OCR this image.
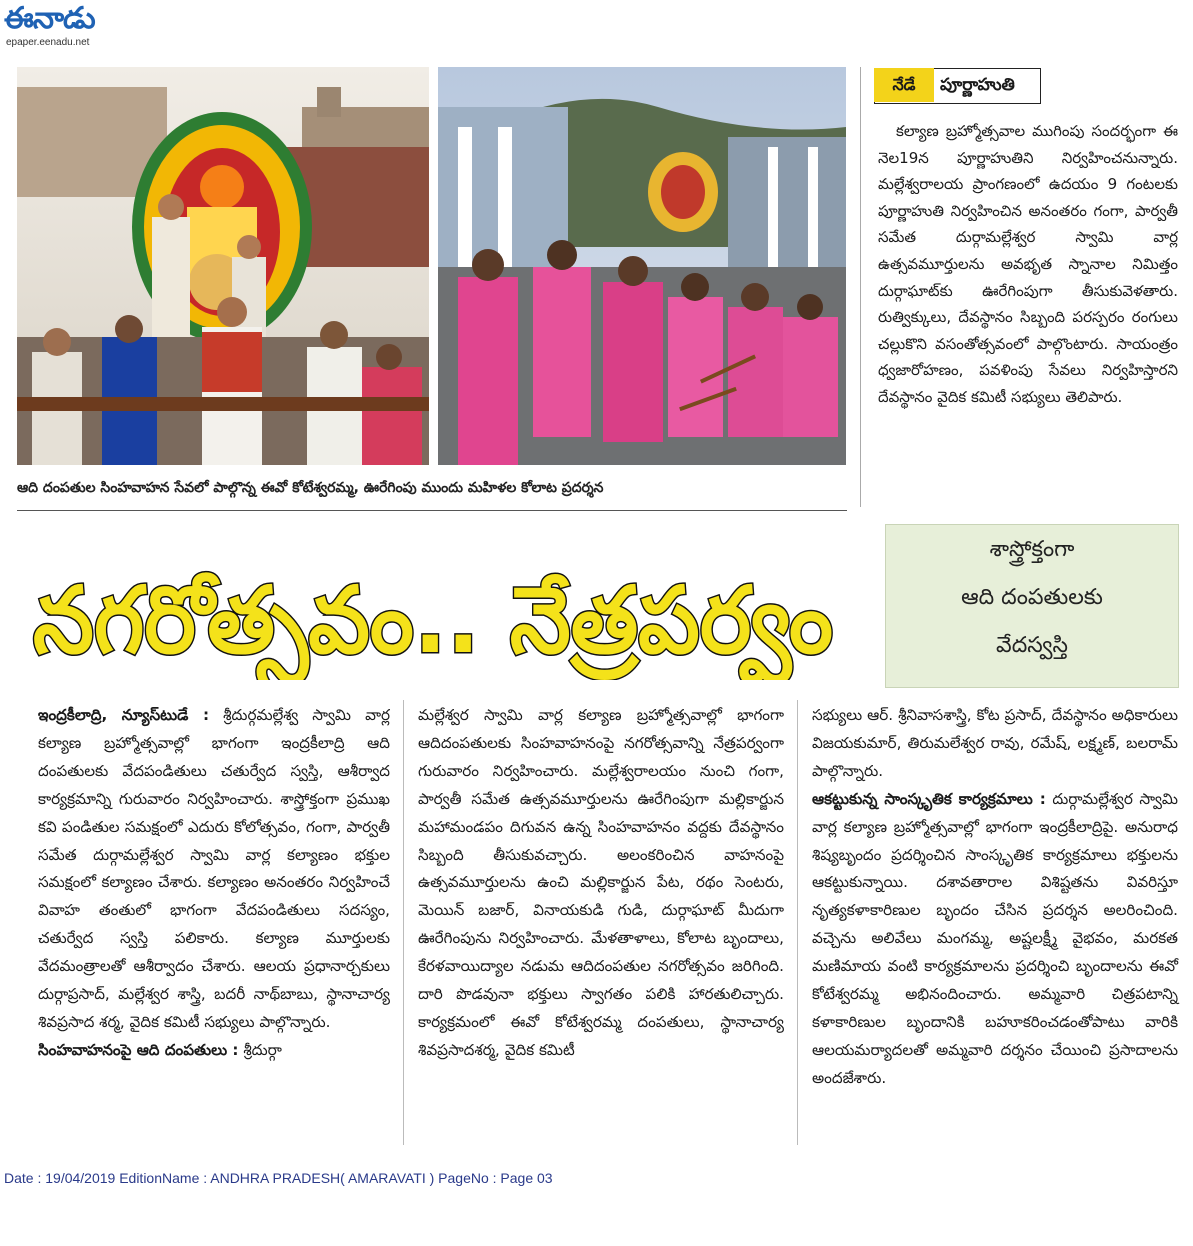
ఈనాడు
epaper.eenadu.net
ఆది దంపతుల సింహవాహన సేవలో పాల్గొన్న ఈవో కోటేశ్వరమ్మ, ఊరేగింపు ముందు మహిళల కోలాట ప్రదర్శన
నగరోత్సవం.. నేత్రపర్వం
నేడే	పూర్ణాహుతి
కల్యాణ బ్రహ్మోత్సవాల ముగింపు సందర్భంగా ఈ నెల19న పూర్ణాహుతిని నిర్వహించనున్నారు. మల్లేశ్వరాలయ ప్రాంగణంలో ఉదయం 9 గంటలకు పూర్ణాహుతి నిర్వహించిన అనంతరం గంగా, పార్వతీ సమేత దుర్గామల్లేశ్వర స్వామి వార్ల ఉత్సవమూర్తులను అవభృత స్నానాల నిమిత్తం దుర్గాఘాట్‌కు ఊరేగింపుగా తీసుకువెళతారు. రుత్విక్కులు, దేవస్థానం సిబ్బంది పరస్పరం రంగులు చల్లుకొని వసంతోత్సవంలో పాల్గొంటారు. సాయంత్రం ధ్వజారోహణం, పవళింపు సేవలు నిర్వహిస్తారని దేవస్థానం వైదిక కమిటీ సభ్యులు తెలిపారు.
శాస్త్రోక్తంగా
ఆది దంపతులకు
వేదస్వస్తి
ఇంద్రకీలాద్రి, న్యూస్‌టుడే : శ్రీదుర్గమల్లేశ్వ స్వామి వార్ల కల్యాణ బ్రహ్మోత్సవాల్లో భాగంగా ఇంద్రకీలాద్రి ఆది దంపతులకు వేదపండితులు చతుర్వేద స్వస్తి, ఆశీర్వాద కార్యక్రమాన్ని గురువారం నిర్వహించారు. శాస్త్రోక్తంగా ప్రముఖ కవి పండితుల సమక్షంలో ఎదురు కోలోత్సవం, గంగా, పార్వతీ సమేత దుర్గామల్లేశ్వర స్వామి వార్ల కల్యాణం భక్తుల సమక్షంలో కల్యాణం చేశారు. కల్యాణం అనంతరం నిర్వహించే వివాహ తంతులో భాగంగా వేదపండితులు సదస్యం, చతుర్వేద స్వస్తి పలికారు. కల్యాణ మూర్తులకు వేదమంత్రాలతో ఆశీర్వాదం చేశారు. ఆలయ ప్రధానార్చకులు దుర్గాప్రసాద్, మల్లేశ్వర శాస్త్రి, బదరీ నాథ్‌బాబు, స్థానాచార్య శివప్రసాద శర్మ, వైదిక కమిటీ సభ్యులు పాల్గొన్నారు.
సింహవాహనంపై ఆది దంపతులు : శ్రీదుర్గా
మల్లేశ్వర స్వామి వార్ల కల్యాణ బ్రహ్మోత్సవాల్లో భాగంగా ఆదిదంపతులకు సింహవాహనంపై నగరోత్సవాన్ని నేత్రపర్వంగా గురువారం నిర్వహించారు. మల్లేశ్వరాలయం నుంచి గంగా, పార్వతీ సమేత ఉత్సవమూర్తులను ఊరేగింపుగా మల్లికార్జున మహామండపం దిగువన ఉన్న సింహవాహనం వద్దకు దేవస్థానం సిబ్బంది తీసుకువచ్చారు. అలంకరించిన వాహనంపై ఉత్సవమూర్తులను ఉంచి మల్లికార్జున పేట, రథం సెంటరు, మెయిన్ బజార్, వినాయకుడి గుడి, దుర్గాఘాట్ మీదుగా ఊరేగింపును నిర్వహించారు. మేళతాళాలు, కోలాట బృందాలు, కేరళవాయిద్యాల నడుమ ఆదిదంపతుల నగరోత్సవం జరిగింది. దారి పొడవునా భక్తులు స్వాగతం పలికి హారతులిచ్చారు. కార్యక్రమంలో ఈవో కోటేశ్వరమ్మ దంపతులు, స్థానాచార్య శివప్రసాదశర్మ, వైదిక కమిటీ
సభ్యులు ఆర్. శ్రీనివాసశాస్త్రి, కోట ప్రసాద్, దేవస్థానం అధికారులు విజయకుమార్, తిరుమలేశ్వర రావు, రమేష్, లక్ష్మణ్, బలరామ్ పాల్గొన్నారు.
ఆకట్టుకున్న సాంస్కృతిక కార్యక్రమాలు : దుర్గామల్లేశ్వర స్వామి వార్ల కల్యాణ బ్రహ్మోత్సవాల్లో భాగంగా ఇంద్రకీలాద్రిపై. అనురాధ శిష్యబృందం ప్రదర్శించిన సాంస్కృతిక కార్యక్రమాలు భక్తులను ఆకట్టుకున్నాయి. దశావతారాల విశిష్టతను వివరిస్తూ నృత్యకళాకారిణుల బృందం చేసిన ప్రదర్శన అలరించింది. వచ్చెను అలివేలు మంగమ్మ, అష్టలక్ష్మీ వైభవం, మరకత మణిమాయ వంటి కార్యక్రమాలను ప్రదర్శించి బృందాలను ఈవో కోటేశ్వరమ్మ అభినందించారు. అమ్మవారి చిత్రపటాన్ని కళాకారిణుల బృందానికి బహూకరించడంతోపాటు వారికి ఆలయమర్యాదలతో అమ్మవారి దర్శనం చేయించి ప్రసాదాలను అందజేశారు.
Date : 19/04/2019 EditionName : ANDHRA PRADESH( AMARAVATI ) PageNo : Page 03
